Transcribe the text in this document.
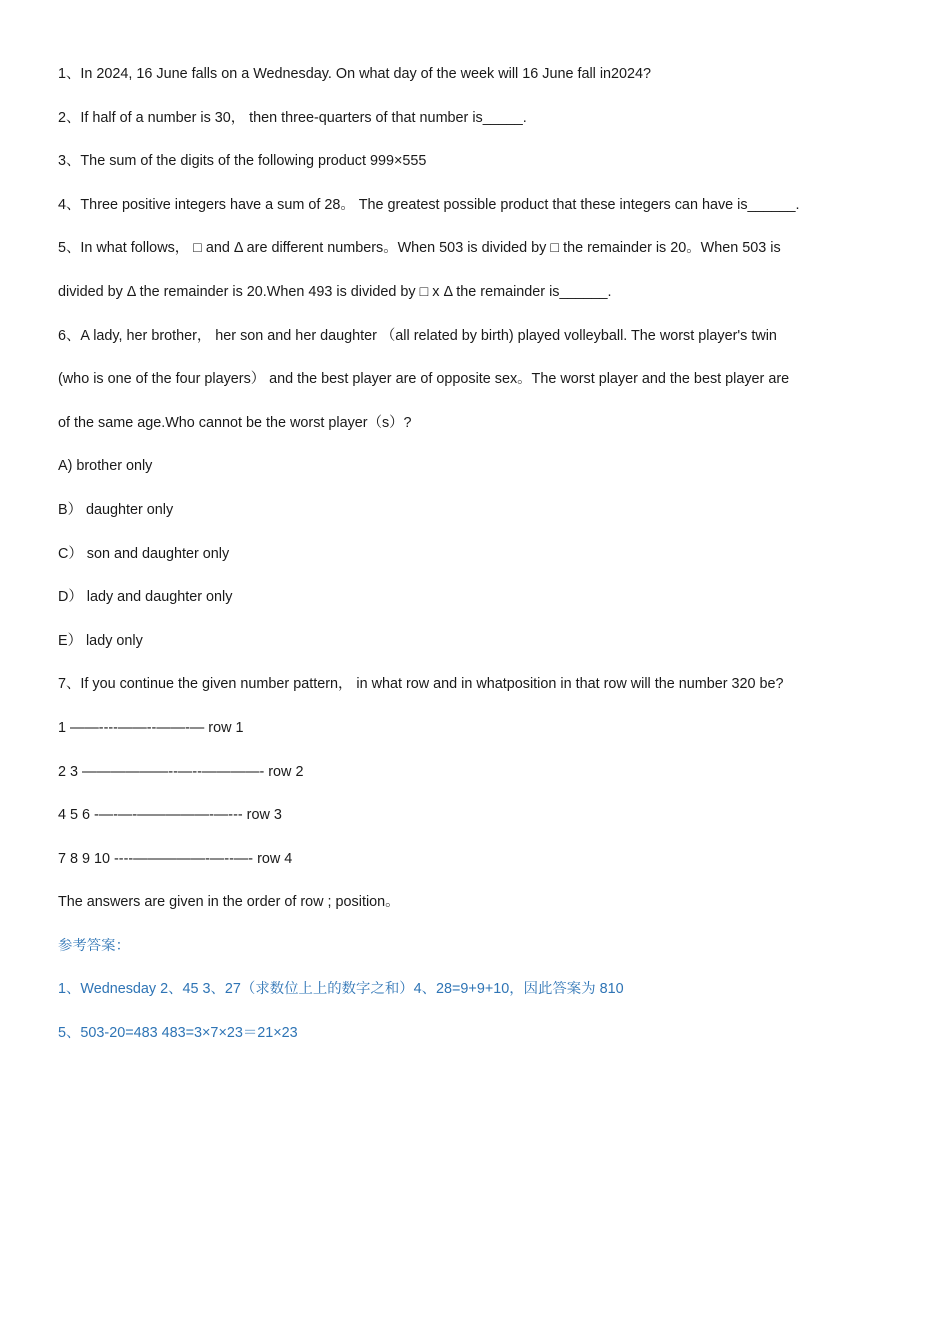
1、In 2024, 16 June falls on a Wednesday. On what day of the week will 16 June fall in2024?
2、If half of a number is 30， then three-quarters of that number is_____.
3、The sum of the digits of the following product 999×555
4、Three positive integers have a sum of 28。 The greatest possible product that these integers can have is______.
5、In what follows， □ and Δ are different numbers。When 503 is divided by □ the remainder is 20。When 503 is
divided by Δ the remainder is 20.When 493 is divided by □ x Δ the remainder is______.
6、A lady, her brother， her son and her daughter （all related by birth) played volleyball. The worst player's twin
(who is one of the four players） and the best player are of opposite sex。The worst player and the best player are
of the same age.Who cannot be the worst player（s）?
A) brother only
B） daughter only
C） son and daughter only
D） lady and daughter only
E） lady only
7、If you continue the given number pattern， in what row and in whatposition in that row will the number 320 be?
1 ——----——--——-— row 1
2 3 ——————--—--————- row 2
4 5 6 -—-—-—————-—--- row 3
7 8 9 10 ----—————-—--—- row 4
The answers are given in the order of row ; position。
参考答案：
1、Wednesday 2、45 3、27（求数位上上的数字之和）4、28=9+9+10，因此答案为 810
5、503-20=483 483=3×7×23＝21×23
